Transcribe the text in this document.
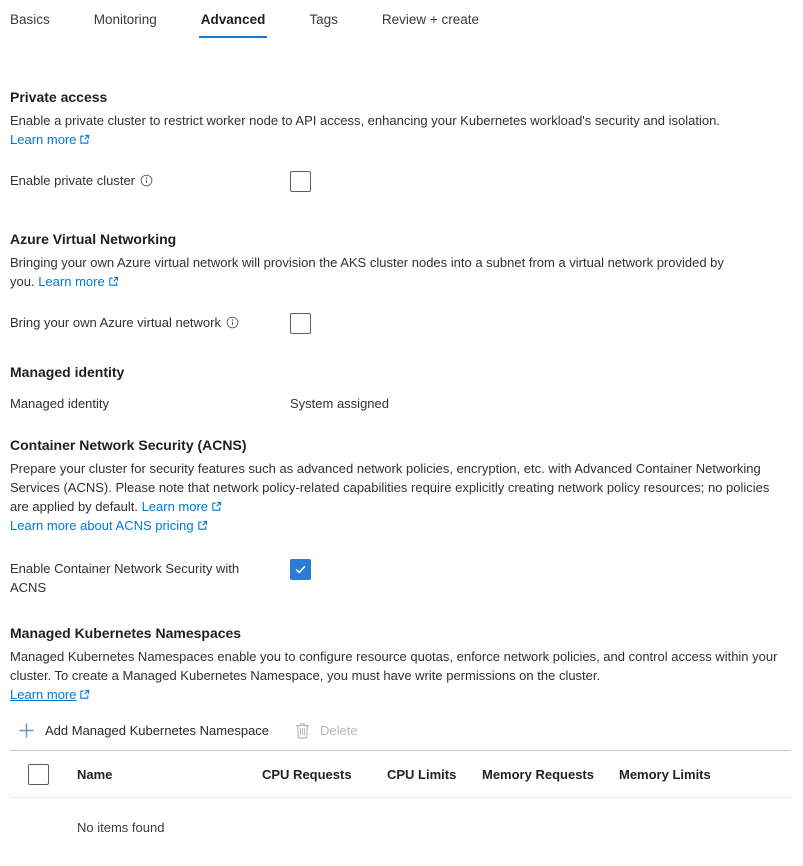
Basics	Monitoring	Advanced	Tags	Review + create
Private access
Enable a private cluster to restrict worker node to API access, enhancing your Kubernetes workload's security and isolation. Learn more
Enable private cluster
Azure Virtual Networking
Bringing your own Azure virtual network will provision the AKS cluster nodes into a subnet from a virtual network provided by you. Learn more
Bring your own Azure virtual network
Managed identity
Managed identity	System assigned
Container Network Security (ACNS)
Prepare your cluster for security features such as advanced network policies, encryption, etc. with Advanced Container Networking Services (ACNS). Please note that network policy-related capabilities require explicitly creating network policy resources; no policies are applied by default. Learn more
Learn more about ACNS pricing
Enable Container Network Security with ACNS
Managed Kubernetes Namespaces
Managed Kubernetes Namespaces enable you to configure resource quotas, enforce network policies, and control access within your cluster. To create a Managed Kubernetes Namespace, you must have write permissions on the cluster.
Learn more
Add Managed Kubernetes Namespace	Delete
Name	CPU Requests	CPU Limits	Memory Requests	Memory Limits
No items found
